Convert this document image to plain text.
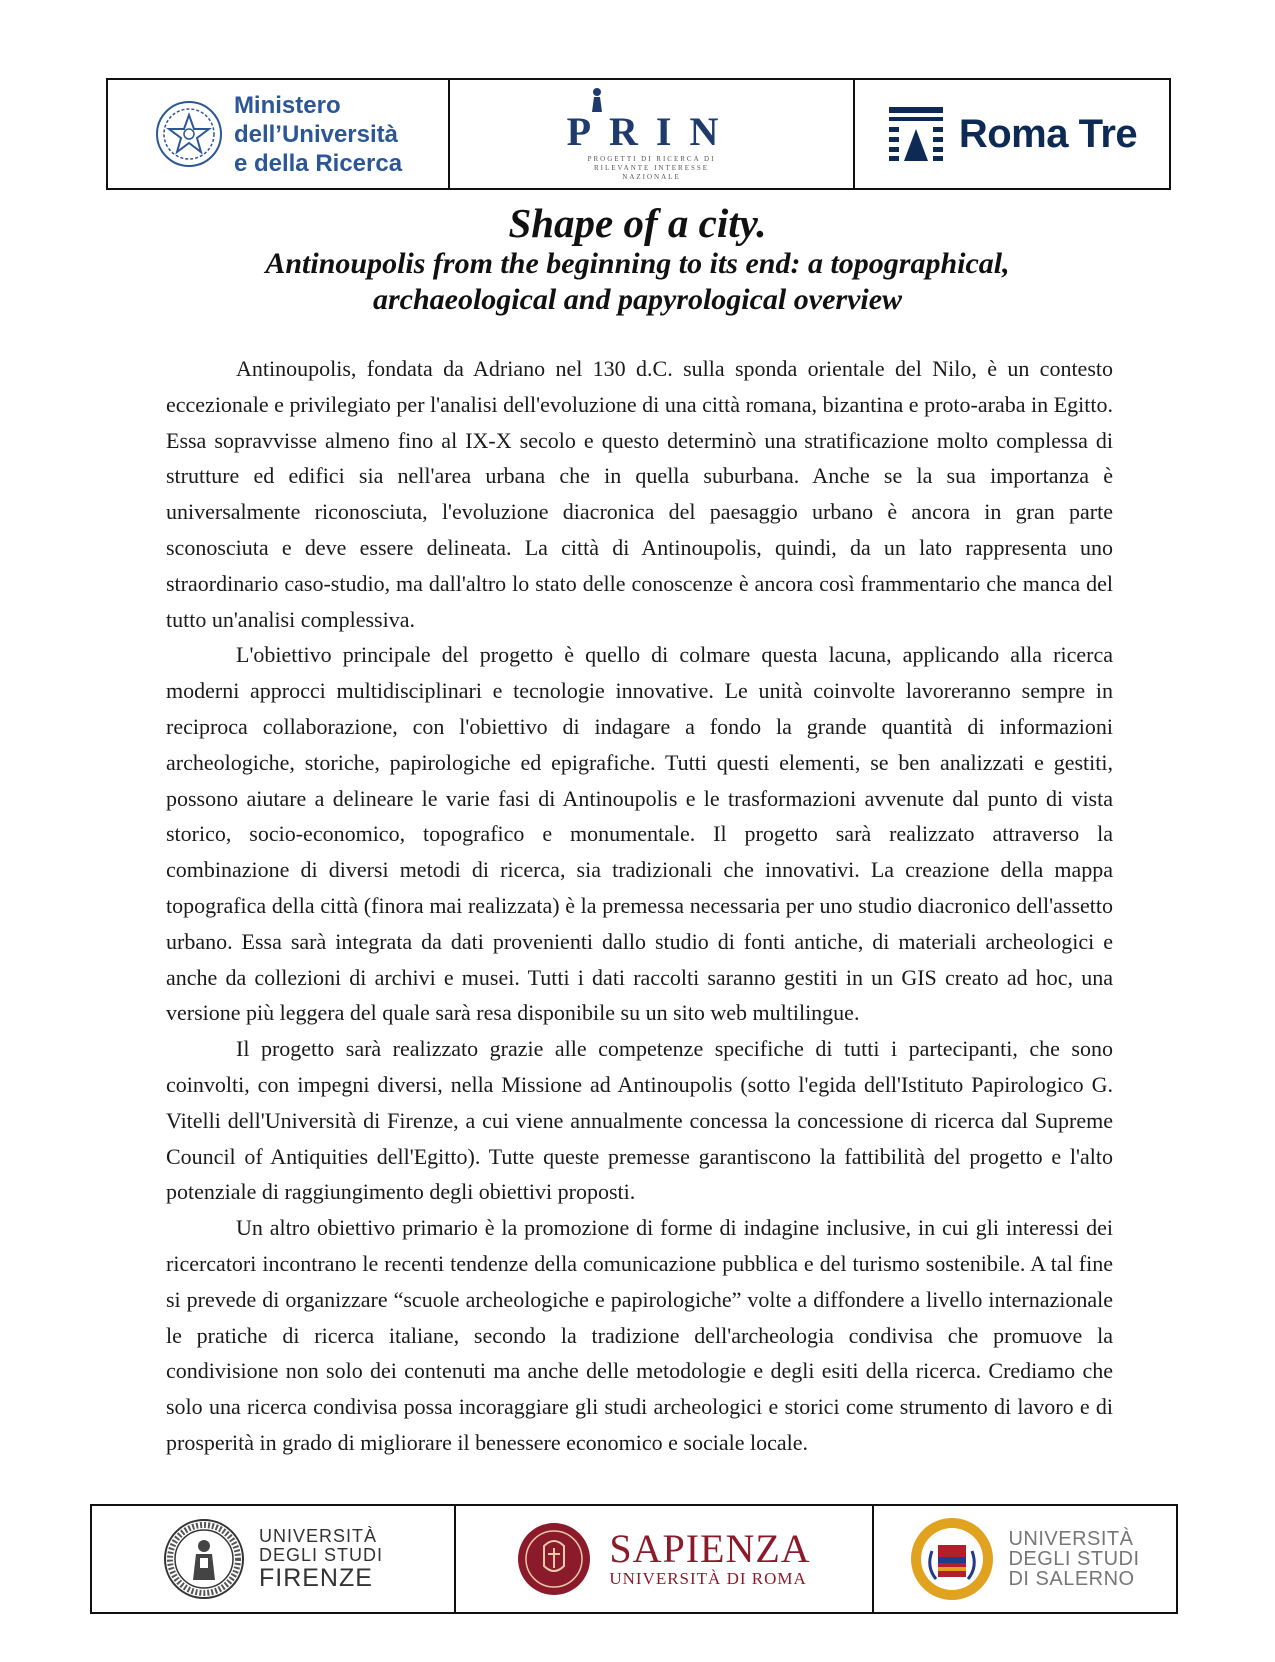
Ministero
dell’Università
e della Ricerca
PRIN
PROGETTI DI RICERCA DI RILEVANTE INTERESSE NAZIONALE
Roma Tre
Shape of a city.
Antinoupolis from the beginning to its end: a topographical,
archaeological and papyrological overview

Antinoupolis, fondata da Adriano nel 130 d.C. sulla sponda orientale del Nilo, è un contesto eccezionale e privilegiato per l'analisi dell'evoluzione di una città romana, bizantina e proto-araba in Egitto. Essa sopravvisse almeno fino al IX-X secolo e questo determinò una stratificazione molto complessa di strutture ed edifici sia nell'area urbana che in quella suburbana. Anche se la sua importanza è universalmente riconosciuta, l'evoluzione diacronica del paesaggio urbano è ancora in gran parte sconosciuta e deve essere delineata. La città di Antinoupolis, quindi, da un lato rappresenta uno straordinario caso-studio, ma dall'altro lo stato delle conoscenze è ancora così frammentario che manca del tutto un'analisi complessiva.

L'obiettivo principale del progetto è quello di colmare questa lacuna, applicando alla ricerca moderni approcci multidisciplinari e tecnologie innovative. Le unità coinvolte lavoreranno sempre in reciproca collaborazione, con l'obiettivo di indagare a fondo la grande quantità di informazioni archeologiche, storiche, papirologiche ed epigrafiche. Tutti questi elementi, se ben analizzati e gestiti, possono aiutare a delineare le varie fasi di Antinoupolis e le trasformazioni avvenute dal punto di vista storico, socio-economico, topografico e monumentale. Il progetto sarà realizzato attraverso la combinazione di diversi metodi di ricerca, sia tradizionali che innovativi. La creazione della mappa topografica della città (finora mai realizzata) è la premessa necessaria per uno studio diacronico dell'assetto urbano. Essa sarà integrata da dati provenienti dallo studio di fonti antiche, di materiali archeologici e anche da collezioni di archivi e musei. Tutti i dati raccolti saranno gestiti in un GIS creato ad hoc, una versione più leggera del quale sarà resa disponibile su un sito web multilingue.

Il progetto sarà realizzato grazie alle competenze specifiche di tutti i partecipanti, che sono coinvolti, con impegni diversi, nella Missione ad Antinoupolis (sotto l'egida dell'Istituto Papirologico G. Vitelli dell'Università di Firenze, a cui viene annualmente concessa la concessione di ricerca dal Supreme Council of Antiquities dell'Egitto). Tutte queste premesse garantiscono la fattibilità del progetto e l'alto potenziale di raggiungimento degli obiettivi proposti.

Un altro obiettivo primario è la promozione di forme di indagine inclusive, in cui gli interessi dei ricercatori incontrano le recenti tendenze della comunicazione pubblica e del turismo sostenibile. A tal fine si prevede di organizzare “scuole archeologiche e papirologiche” volte a diffondere a livello internazionale le pratiche di ricerca italiane, secondo la tradizione dell'archeologia condivisa che promuove la condivisione non solo dei contenuti ma anche delle metodologie e degli esiti della ricerca. Crediamo che solo una ricerca condivisa possa incoraggiare gli studi archeologici e storici come strumento di lavoro e di prosperità in grado di migliorare il benessere economico e sociale locale.

UNIVERSITÀ
DEGLI STUDI
FIRENZE
SAPIENZA
UNIVERSITÀ DI ROMA
UNIVERSITÀ
DEGLI STUDI
DI SALERNO
